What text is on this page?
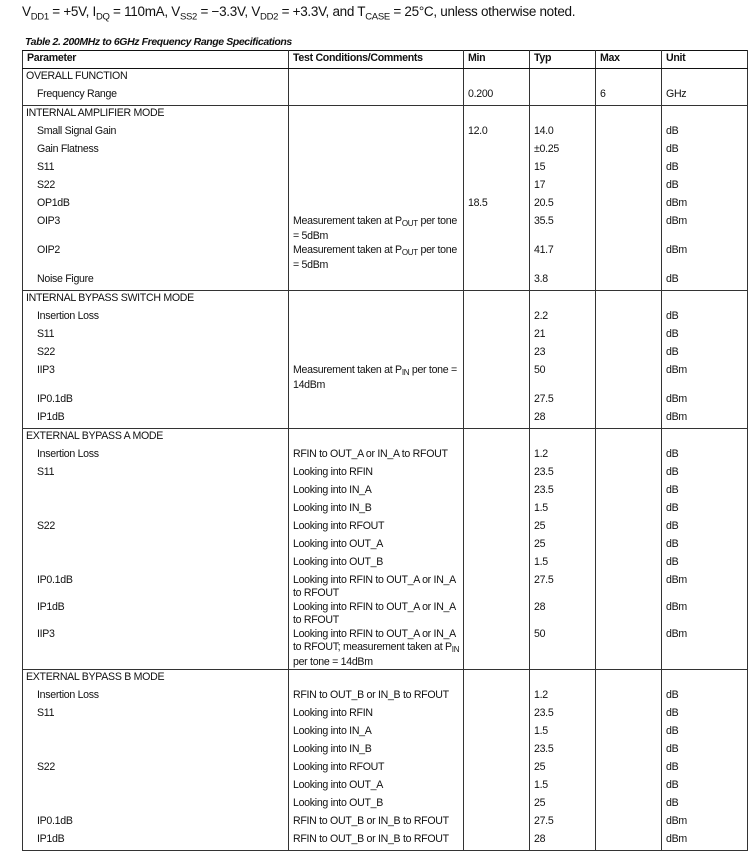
$V_{DD1} = +5V$, $I_{DQ} = 110mA$, $V_{SS2} = -3.3V$, $V_{DD2} = +3.3V$, and $T_{CASE} = 25^\circ C$, unless otherwise noted.
Table 2. 200MHz to 6GHz Frequency Range Specifications
Parameter	Test Conditions/Comments	Min	Typ	Max	Unit
OVERALL FUNCTION					
Frequency Range		0.200		6	GHz
INTERNAL AMPLIFIER MODE					
Small Signal Gain		12.0	14.0		dB
Gain Flatness			±0.25		dB
S11			15		dB
S22			17		dB
OP1dB		18.5	20.5		dBm
OIP3	Measurement taken at $P_{OUT}$ per tone = 5dBm		35.5		dBm
OIP2	Measurement taken at $P_{OUT}$ per tone = 5dBm		41.7		dBm
Noise Figure			3.8		dB
INTERNAL BYPASS SWITCH MODE					
Insertion Loss			2.2		dB
S11			21		dB
S22			23		dB
IIP3	Measurement taken at $P_{IN}$ per tone = 14dBm		50		dBm
IP0.1dB			27.5		dBm
IP1dB			28		dBm
EXTERNAL BYPASS A MODE					
Insertion Loss	RFIN to OUT_A or IN_A to RFOUT		1.2		dB
S11	Looking into RFIN		23.5		dB
	Looking into IN_A		23.5		dB
	Looking into IN_B		1.5		dB
S22	Looking into RFOUT		25		dB
	Looking into OUT_A		25		dB
	Looking into OUT_B		1.5		dB
IP0.1dB	Looking into RFIN to OUT_A or IN_A to RFOUT		27.5		dBm
IP1dB	Looking into RFIN to OUT_A or IN_A to RFOUT		28		dBm
IIP3	Looking into RFIN to OUT_A or IN_A to RFOUT; measurement taken at $P_{IN}$ per tone = 14dBm		50		dBm
EXTERNAL BYPASS B MODE					
Insertion Loss	RFIN to OUT_B or IN_B to RFOUT		1.2		dB
S11	Looking into RFIN		23.5		dB
	Looking into IN_A		1.5		dB
	Looking into IN_B		23.5		dB
S22	Looking into RFOUT		25		dB
	Looking into OUT_A		1.5		dB
	Looking into OUT_B		25		dB
IP0.1dB	RFIN to OUT_B or IN_B to RFOUT		27.5		dBm
IP1dB	RFIN to OUT_B or IN_B to RFOUT		28		dBm
